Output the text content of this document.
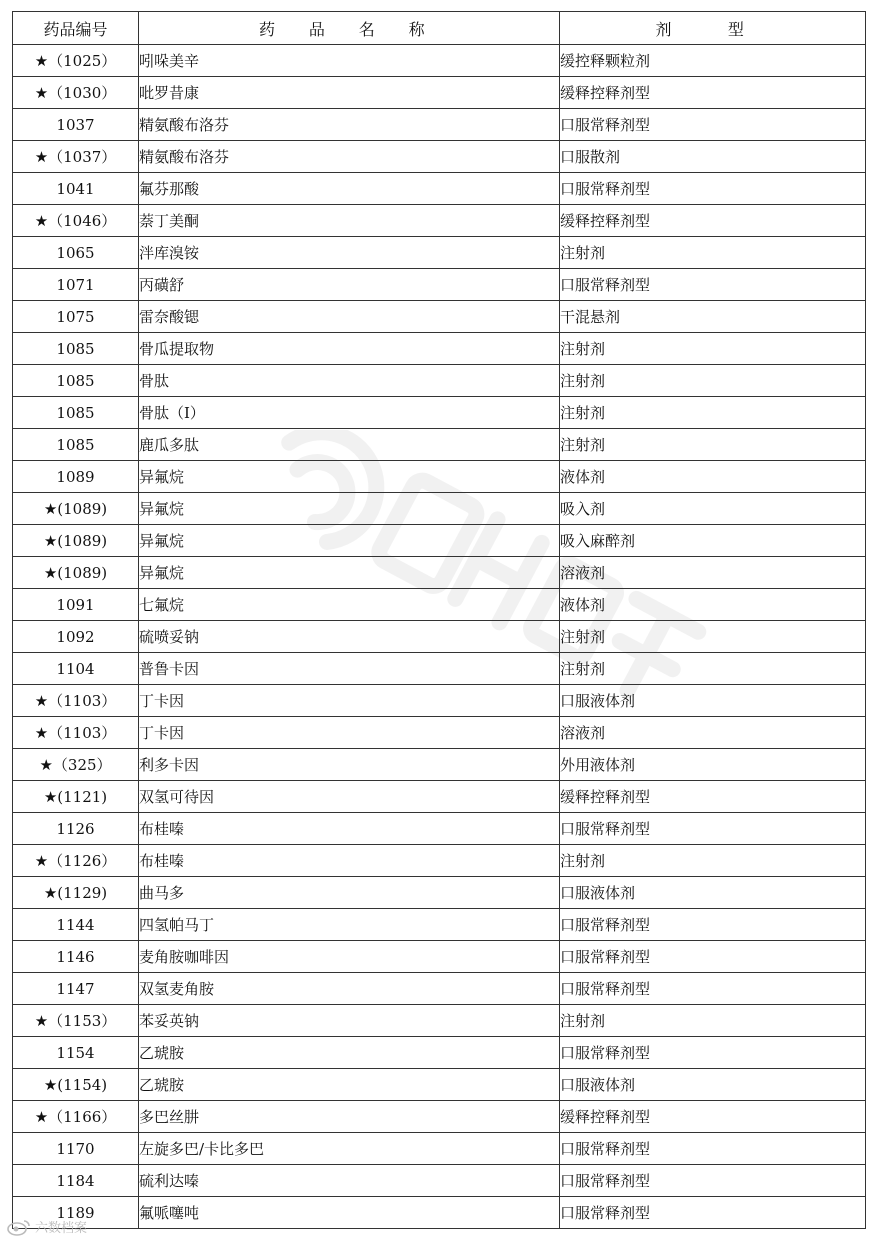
药品编号	药 品 名 称	剂 型
★（1025）	吲哚美辛	缓控释颗粒剂
★（1030）	吡罗昔康	缓释控释剂型
1037	精氨酸布洛芬	口服常释剂型
★（1037）	精氨酸布洛芬	口服散剂
1041	氟芬那酸	口服常释剂型
★（1046）	萘丁美酮	缓释控释剂型
1065	泮库溴铵	注射剂
1071	丙磺舒	口服常释剂型
1075	雷奈酸锶	干混悬剂
1085	骨瓜提取物	注射剂
1085	骨肽	注射剂
1085	骨肽（Ⅰ）	注射剂
1085	鹿瓜多肽	注射剂
1089	异氟烷	液体剂
★(1089)	异氟烷	吸入剂
★(1089)	异氟烷	吸入麻醉剂
★(1089)	异氟烷	溶液剂
1091	七氟烷	液体剂
1092	硫喷妥钠	注射剂
1104	普鲁卡因	注射剂
★（1103）	丁卡因	口服液体剂
★（1103）	丁卡因	溶液剂
★（325）	利多卡因	外用液体剂
★(1121)	双氢可待因	缓释控释剂型
1126	布桂嗪	口服常释剂型
★（1126）	布桂嗪	注射剂
★(1129)	曲马多	口服液体剂
1144	四氢帕马丁	口服常释剂型
1146	麦角胺咖啡因	口服常释剂型
1147	双氢麦角胺	口服常释剂型
★（1153）	苯妥英钠	注射剂
1154	乙琥胺	口服常释剂型
★(1154)	乙琥胺	口服液体剂
★（1166）	多巴丝肼	缓释控释剂型
1170	左旋多巴/卡比多巴	口服常释剂型
1184	硫利达嗪	口服常释剂型
1189	氟哌噻吨	口服常释剂型
六数档案
